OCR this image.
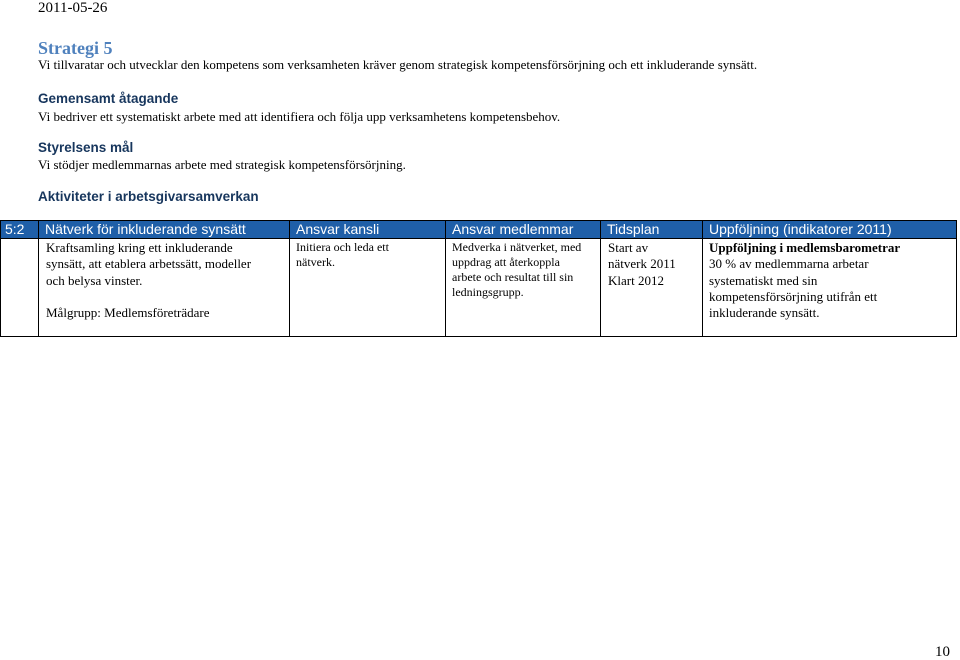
2011-05-26
Strategi 5
Vi tillvaratar och utvecklar den kompetens som verksamheten kräver genom strategisk kompetensförsörjning och ett inkluderande synsätt.
Gemensamt åtagande
Vi bedriver ett systematiskt arbete med att identifiera och följa upp verksamhetens kompetensbehov.
Styrelsens mål
Vi stödjer medlemmarnas arbete med strategisk kompetensförsörjning.
Aktiviteter i arbetsgivarsamverkan
5:2	Nätverk för inkluderande synsätt	Ansvar kansli	Ansvar medlemmar	Tidsplan	Uppföljning (indikatorer 2011)

	Kraftsamling kring ett inkluderande
synsätt, att etablera arbetssätt, modeller
och belysa vinster.
Målgrupp: Medlemsföreträdare	Initiera och leda ett
nätverk.	Medverka i nätverket, med
uppdrag att återkoppla
arbete och resultat till sin
ledningsgrupp.	Start av
nätverk 2011
Klart 2012	Uppföljning i medlemsbarometrar
30 % av medlemmarna arbetar
systematiskt med sin
kompetensförsörjning utifrån ett
inkluderande synsätt.
10
